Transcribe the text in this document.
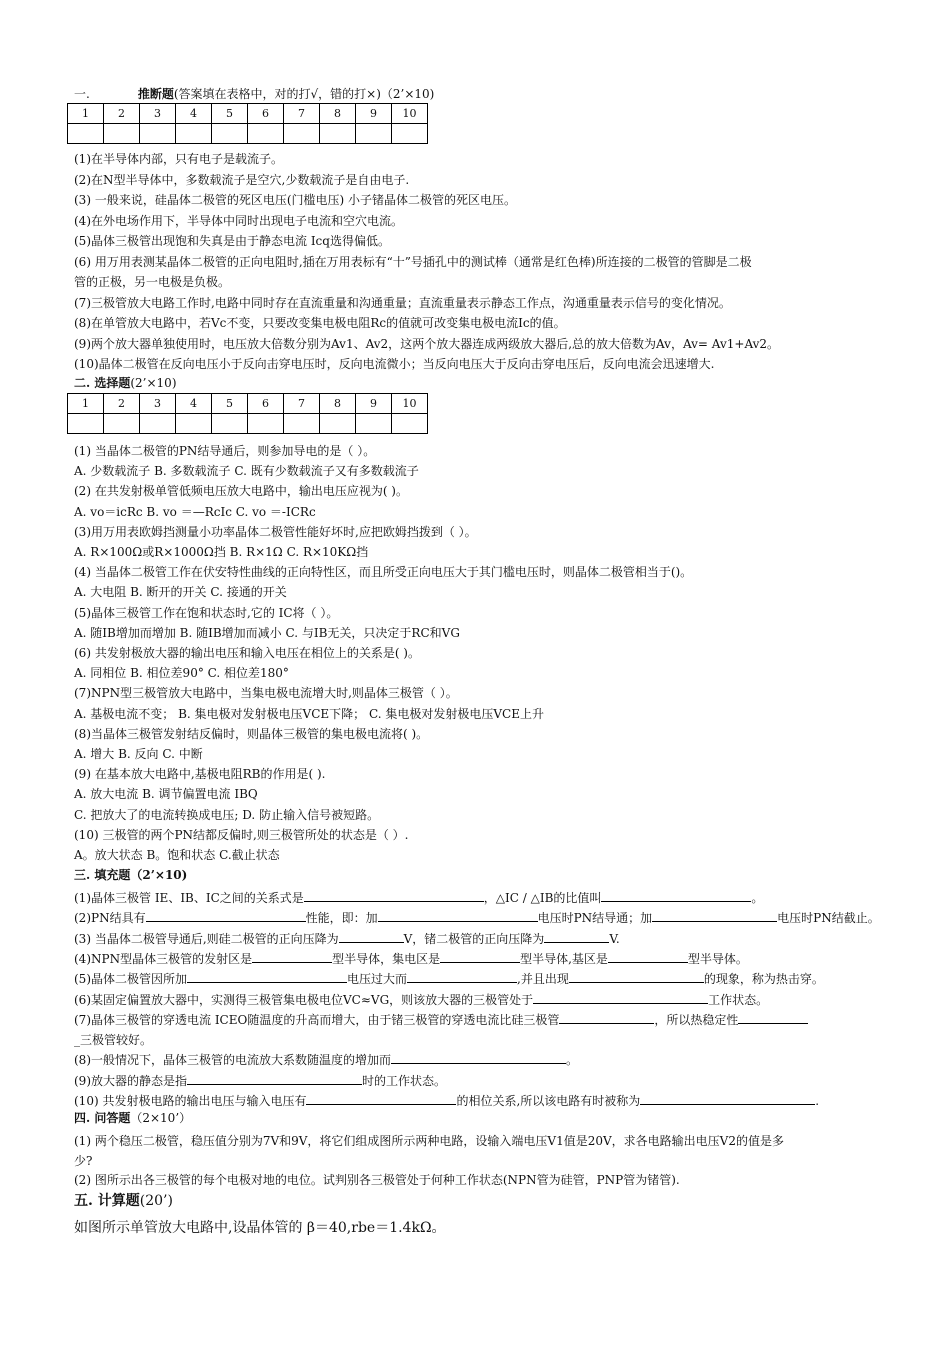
一.	推断题(答案填在表格中，对的打√，错的打×)（2’×10)
1	2	3	4	5	6	7	8	9	10

(1)在半导体内部，只有电子是载流子。
(2)在N型半导体中，多数载流子是空穴,少数载流子是自由电子.
(3) 一般来说，硅晶体二极管的死区电压(门槛电压) 小子锗晶体二极管的死区电压。
(4)在外电场作用下，半导体中同时出现电子电流和空穴电流。
(5)晶体三极管出现饱和失真是由于静态电流 Icq选得偏低。
(6) 用万用表测某晶体二极管的正向电阻时,插在万用表标有“十”号插孔中的测试棒（通常是红色棒)所连接的二极管的管脚是二极
管的正极，另一电极是负极。
(7)三极管放大电路工作时,电路中同时存在直流重量和沟通重量；直流重量表示静态工作点，沟通重量表示信号的变化情况。
(8)在单管放大电路中，若Vc不变，只要改变集电极电阻Rc的值就可改变集电极电流Ic的值。
(9)两个放大器单独使用时，电压放大倍数分别为Av1、Av2，这两个放大器连成两级放大器后,总的放大倍数为Av，Av= Av1+Av2。
(10)晶体二极管在反向电压小于反向击穿电压时，反向电流微小；当反向电压大于反向击穿电压后，反向电流会迅速增大.
二. 选择题(2’×10)
1	2	3	4	5	6	7	8	9	10

(1) 当晶体二极管的PN结导通后，则参加导电的是（ ）。
A. 少数载流子 B. 多数载流子 C. 既有少数载流子又有多数载流子
(2) 在共发射极单管低频电压放大电路中，输出电压应视为( )。
A. vo＝icRc B. vo ＝—RcIc C. vo ＝-ICRc
(3)用万用表欧姆挡测量小功率晶体二极管性能好坏时,应把欧姆挡拨到（ ）。
A. R×100Ω或R×1000Ω挡 B. R×1Ω C. R×10KΩ挡
(4) 当晶体二极管工作在伏安特性曲线的正向特性区，而且所受正向电压大于其门槛电压时，则晶体二极管相当于()。
A. 大电阻 B. 断开的开关 C. 接通的开关
(5)晶体三极管工作在饱和状态时,它的 IC将（ ）。
A. 随IB增加而增加 B. 随IB增加而减小 C. 与IB无关，只决定于RC和VG
(6) 共发射极放大器的输出电压和输入电压在相位上的关系是( )。
A. 同相位 B. 相位差90° C. 相位差180°
(7)NPN型三极管放大电路中，当集电极电流增大时,则晶体三极管（ ）。
A. 基极电流不变； B. 集电极对发射极电压VCE下降； C. 集电极对发射极电压VCE上升
(8)当晶体三极管发射结反偏时，则晶体三极管的集电极电流将( )。
A. 增大 B. 反向 C. 中断
(9) 在基本放大电路中,基极电阻RB的作用是( ).
A. 放大电流 B. 调节偏置电流 IBQ
C. 把放大了的电流转换成电压; D. 防止输入信号被短路。
(10) 三极管的两个PN结都反偏时,则三极管所处的状态是（ ）.
A。放大状态 B。饱和状态 C.截止状态
三. 填充题（2’×10)
(1)晶体三极管 IE、IB、IC之间的关系式是	，△IC / △IB的比值叫	。
(2)PN结具有	性能，即：加	电压时PN结导通；加	电压时PN结截止。
(3) 当晶体二极管导通后,则硅二极管的正向压降为	V，锗二极管的正向压降为	V.
(4)NPN型晶体三极管的发射区是	型半导体，集电区是	型半导体,基区是	型半导体。
(5)晶体二极管因所加	电压过大而	,并且出现	的现象，称为热击穿。
(6)某固定偏置放大器中，实测得三极管集电极电位VC≈VG，则该放大器的三极管处于	工作状态。
(7)晶体三极管的穿透电流 ICEO随温度的升高而增大，由于锗三极管的穿透电流比硅三极管	，所以热稳定性
_三极管较好。
(8)一般情况下，晶体三极管的电流放大系数随温度的增加而	。
(9)放大器的静态是指	时的工作状态。
(10) 共发射极电路的输出电压与输入电压有	的相位关系,所以该电路有时被称为	.
四. 问答题（2×10’）
(1) 两个稳压二极管，稳压值分别为7V和9V，将它们组成图所示两种电路，设输入端电压V1值是20V，求各电路输出电压V2的值是多
少?
(2) 图所示出各三极管的每个电极对地的电位。试判别各三极管处于何种工作状态(NPN管为硅管，PNP管为锗管).
五. 计算题(20’)
如图所示单管放大电路中,设晶体管的 β＝40,rbe＝1.4kΩ。
